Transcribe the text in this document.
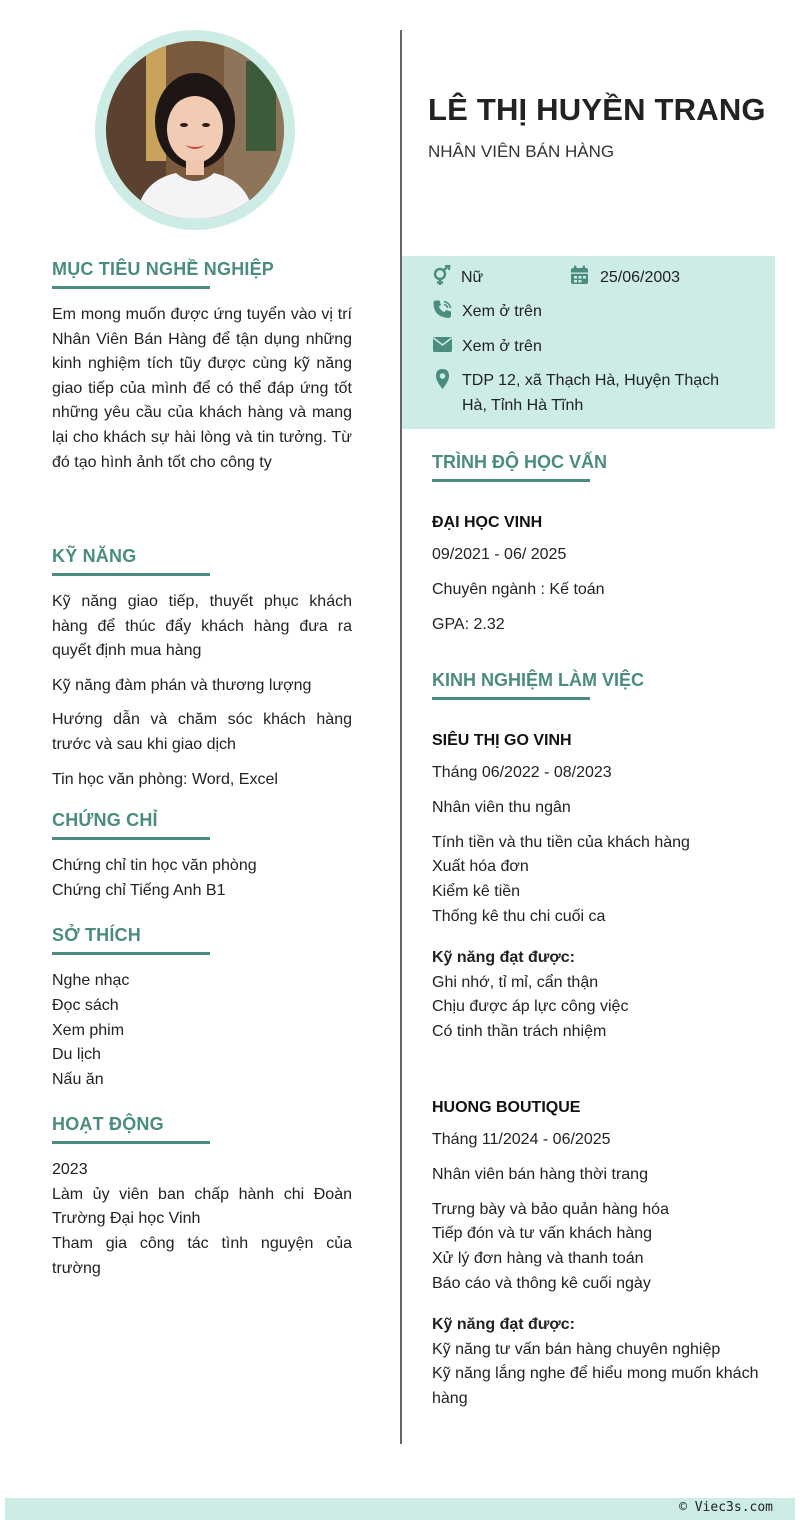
MỤC TIÊU NGHỀ NGHIỆP
Em mong muốn được ứng tuyển vào vị trí Nhân Viên Bán Hàng để tận dụng những kinh nghiệm tích tũy được cùng kỹ năng giao tiếp của mình để có thể đáp ứng tốt những yêu cầu của khách hàng và mang lại cho khách sự hài lòng và tin tưởng. Từ đó tạo hình ảnh tốt cho công ty
KỸ NĂNG
Kỹ năng giao tiếp, thuyết phục khách hàng để thúc đẩy khách hàng đưa ra quyết định mua hàng
Kỹ năng đàm phán và thương lượng
Hướng dẫn và chăm sóc khách hàng trước và sau khi giao dịch
Tin học văn phòng: Word, Excel
CHỨNG CHỈ
Chứng chỉ tin học văn phòng
Chứng chỉ Tiếng Anh B1
SỞ THÍCH
Nghe nhạc
Đọc sách
Xem phim
Du lịch
Nấu ăn
HOẠT ĐỘNG
2023
Làm ủy viên ban chấp hành chi Đoàn Trường Đại học Vinh
Tham gia công tác tình nguyện của trường
LÊ THỊ HUYỀN TRANG
NHÂN VIÊN BÁN HÀNG
Nữ	25/06/2003
Xem ở trên
Xem ở trên
TDP 12, xã Thạch Hà, Huyện Thạch
Hà, Tỉnh Hà Tĩnh
TRÌNH ĐỘ HỌC VẤN
ĐẠI HỌC VINH
09/2021 - 06/ 2025
Chuyên ngành : Kế toán
GPA: 2.32
KINH NGHIỆM LÀM VIỆC
SIÊU THỊ GO VINH
Tháng 06/2022 - 08/2023
Nhân viên thu ngân
Tính tiền và thu tiền của khách hàng
Xuất hóa đơn
Kiểm kê tiền
Thống kê thu chi cuối ca
Kỹ năng đạt được:
Ghi nhớ, tỉ mỉ, cẩn thận
Chịu được áp lực công việc
Có tinh thần trách nhiệm
HUONG BOUTIQUE
Tháng 11/2024 - 06/2025
Nhân viên bán hàng thời trang
Trưng bày và bảo quản hàng hóa
Tiếp đón và tư vấn khách hàng
Xử lý đơn hàng và thanh toán
Báo cáo và thông kê cuối ngày
Kỹ năng đạt được:
Kỹ năng tư vấn bán hàng chuyên nghiệp
Kỹ năng lắng nghe để hiểu mong muốn khách hàng
© Viec3s.com
